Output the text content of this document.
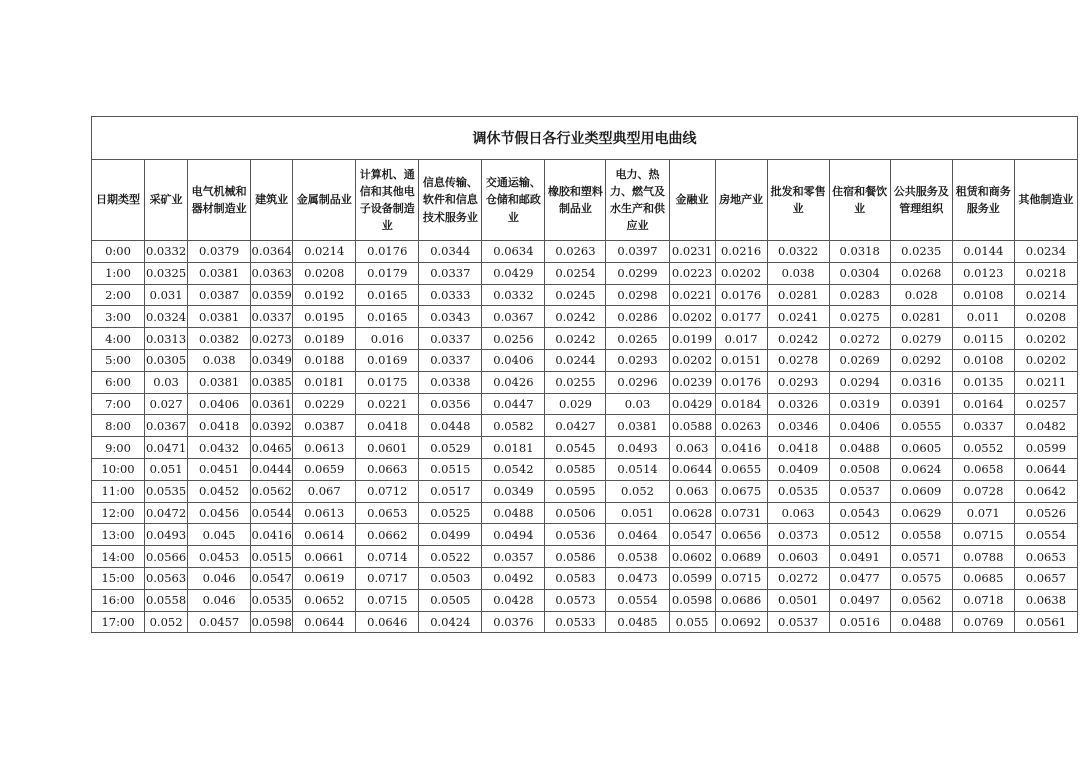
调休节假日各行业类型典型用电曲线																
日期类型	采矿业	电气机械和器材制造业	建筑业	金属制品业	计算机、通信和其他电子设备制造业	信息传输、软件和信息技术服务业	交通运输、仓储和邮政业	橡胶和塑料制品业	电力、热力、燃气及水生产和供应业	金融业	房地产业	批发和零售业	住宿和餐饮业	公共服务及管理组织	租赁和商务服务业	其他制造业
0:00	0.0332	0.0379	0.0364	0.0214	0.0176	0.0344	0.0634	0.0263	0.0397	0.0231	0.0216	0.0322	0.0318	0.0235	0.0144	0.0234
1:00	0.0325	0.0381	0.0363	0.0208	0.0179	0.0337	0.0429	0.0254	0.0299	0.0223	0.0202	0.038	0.0304	0.0268	0.0123	0.0218
2:00	0.031	0.0387	0.0359	0.0192	0.0165	0.0333	0.0332	0.0245	0.0298	0.0221	0.0176	0.0281	0.0283	0.028	0.0108	0.0214
3:00	0.0324	0.0381	0.0337	0.0195	0.0165	0.0343	0.0367	0.0242	0.0286	0.0202	0.0177	0.0241	0.0275	0.0281	0.011	0.0208
4:00	0.0313	0.0382	0.0273	0.0189	0.016	0.0337	0.0256	0.0242	0.0265	0.0199	0.017	0.0242	0.0272	0.0279	0.0115	0.0202
5:00	0.0305	0.038	0.0349	0.0188	0.0169	0.0337	0.0406	0.0244	0.0293	0.0202	0.0151	0.0278	0.0269	0.0292	0.0108	0.0202
6:00	0.03	0.0381	0.0385	0.0181	0.0175	0.0338	0.0426	0.0255	0.0296	0.0239	0.0176	0.0293	0.0294	0.0316	0.0135	0.0211
7:00	0.027	0.0406	0.0361	0.0229	0.0221	0.0356	0.0447	0.029	0.03	0.0429	0.0184	0.0326	0.0319	0.0391	0.0164	0.0257
8:00	0.0367	0.0418	0.0392	0.0387	0.0418	0.0448	0.0582	0.0427	0.0381	0.0588	0.0263	0.0346	0.0406	0.0555	0.0337	0.0482
9:00	0.0471	0.0432	0.0465	0.0613	0.0601	0.0529	0.0181	0.0545	0.0493	0.063	0.0416	0.0418	0.0488	0.0605	0.0552	0.0599
10:00	0.051	0.0451	0.0444	0.0659	0.0663	0.0515	0.0542	0.0585	0.0514	0.0644	0.0655	0.0409	0.0508	0.0624	0.0658	0.0644
11:00	0.0535	0.0452	0.0562	0.067	0.0712	0.0517	0.0349	0.0595	0.052	0.063	0.0675	0.0535	0.0537	0.0609	0.0728	0.0642
12:00	0.0472	0.0456	0.0544	0.0613	0.0653	0.0525	0.0488	0.0506	0.051	0.0628	0.0731	0.063	0.0543	0.0629	0.071	0.0526
13:00	0.0493	0.045	0.0416	0.0614	0.0662	0.0499	0.0494	0.0536	0.0464	0.0547	0.0656	0.0373	0.0512	0.0558	0.0715	0.0554
14:00	0.0566	0.0453	0.0515	0.0661	0.0714	0.0522	0.0357	0.0586	0.0538	0.0602	0.0689	0.0603	0.0491	0.0571	0.0788	0.0653
15:00	0.0563	0.046	0.0547	0.0619	0.0717	0.0503	0.0492	0.0583	0.0473	0.0599	0.0715	0.0272	0.0477	0.0575	0.0685	0.0657
16:00	0.0558	0.046	0.0535	0.0652	0.0715	0.0505	0.0428	0.0573	0.0554	0.0598	0.0686	0.0501	0.0497	0.0562	0.0718	0.0638
17:00	0.052	0.0457	0.0598	0.0644	0.0646	0.0424	0.0376	0.0533	0.0485	0.055	0.0692	0.0537	0.0516	0.0488	0.0769	0.0561
